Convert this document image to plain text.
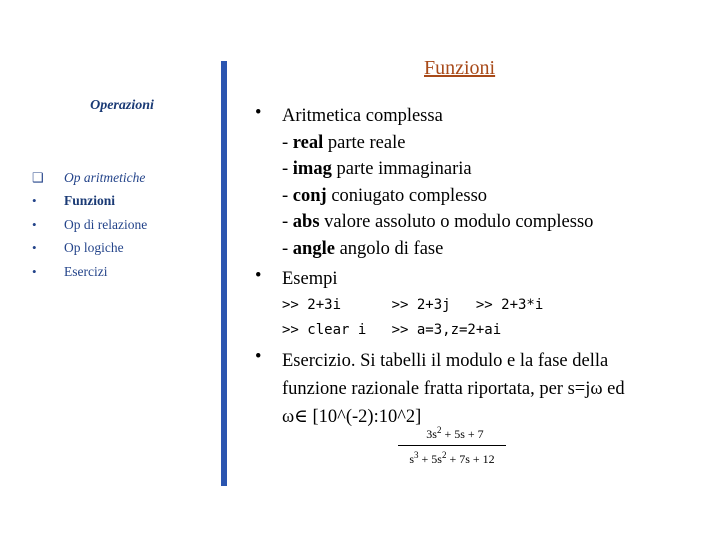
Operazioni
❑	Op aritmetiche
•	Funzioni
•	Op di relazione
•	Op logiche
•	Esercizi
Funzioni
• Aritmetica complessa
- real parte reale
- imag parte immaginaria
- conj coniugato complesso
- abs valore assoluto o modulo complesso
- angle angolo di fase
• Esempi
>> 2+3i      >> 2+3j   >> 2+3*i
>> clear i   >> a=3,z=2+ai
• Esercizio. Si tabelli il modulo e la fase della
funzione razionale fratta riportata, per s=jω ed
ω∈ [10^(-2):10^2]
$3s^2 + 5s + 7$
$s^3 + 5s^2 + 7s + 12$
